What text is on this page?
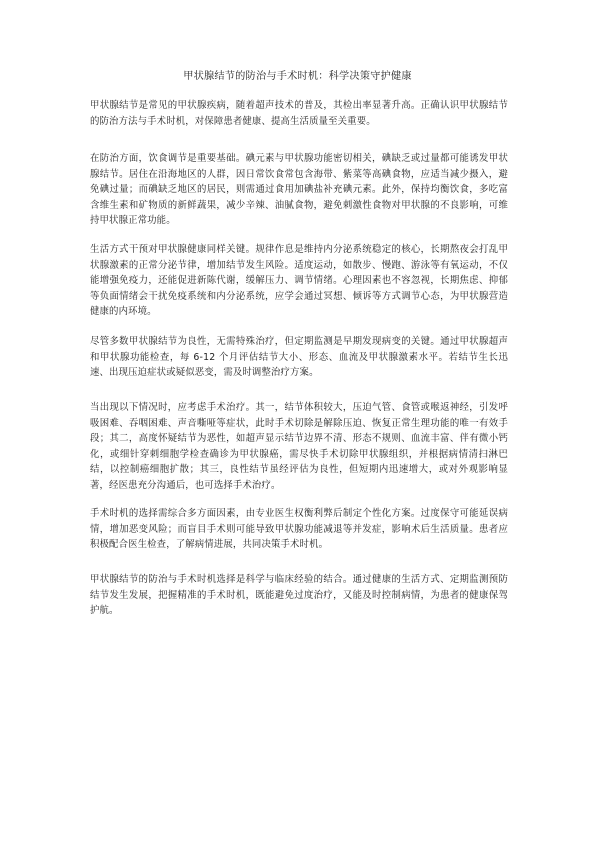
甲状腺结节的防治与手术时机：科学决策守护健康

甲状腺结节是常见的甲状腺疾病，随着超声技术的普及，其检出率显著升高。正确认识甲状腺结节的防治方法与手术时机，对保障患者健康、提高生活质量至关重要。

在防治方面，饮食调节是重要基础。碘元素与甲状腺功能密切相关，碘缺乏或过量都可能诱发甲状腺结节。居住在沿海地区的人群，因日常饮食常包含海带、紫菜等高碘食物，应适当减少摄入，避免碘过量；而碘缺乏地区的居民，则需通过食用加碘盐补充碘元素。此外，保持均衡饮食，多吃富含维生素和矿物质的新鲜蔬果，减少辛辣、油腻食物，避免刺激性食物对甲状腺的不良影响，可维持甲状腺正常功能。

生活方式干预对甲状腺健康同样关键。规律作息是维持内分泌系统稳定的核心，长期熬夜会打乱甲状腺激素的正常分泌节律，增加结节发生风险。适度运动，如散步、慢跑、游泳等有氧运动，不仅能增强免疫力，还能促进新陈代谢，缓解压力、调节情绪。心理因素也不容忽视，长期焦虑、抑郁等负面情绪会干扰免疫系统和内分泌系统，应学会通过冥想、倾诉等方式调节心态，为甲状腺营造健康的内环境。

尽管多数甲状腺结节为良性，无需特殊治疗，但定期监测是早期发现病变的关键。通过甲状腺超声和甲状腺功能检查，每 6-12 个月评估结节大小、形态、血流及甲状腺激素水平。若结节生长迅速、出现压迫症状或疑似恶变，需及时调整治疗方案。

当出现以下情况时，应考虑手术治疗。其一，结节体积较大，压迫气管、食管或喉返神经，引发呼吸困难、吞咽困难、声音嘶哑等症状，此时手术切除是解除压迫、恢复正常生理功能的唯一有效手段；其二，高度怀疑结节为恶性，如超声显示结节边界不清、形态不规则、血流丰富、伴有微小钙化，或细针穿刺细胞学检查确诊为甲状腺癌，需尽快手术切除甲状腺组织，并根据病情清扫淋巴结，以控制癌细胞扩散；其三，良性结节虽经评估为良性，但短期内迅速增大，或对外观影响显著，经医患充分沟通后，也可选择手术治疗。

手术时机的选择需综合多方面因素，由专业医生权衡利弊后制定个性化方案。过度保守可能延误病情，增加恶变风险；而盲目手术则可能导致甲状腺功能减退等并发症，影响术后生活质量。患者应积极配合医生检查，了解病情进展，共同决策手术时机。

甲状腺结节的防治与手术时机选择是科学与临床经验的结合。通过健康的生活方式、定期监测预防结节发生发展，把握精准的手术时机，既能避免过度治疗，又能及时控制病情，为患者的健康保驾护航。
